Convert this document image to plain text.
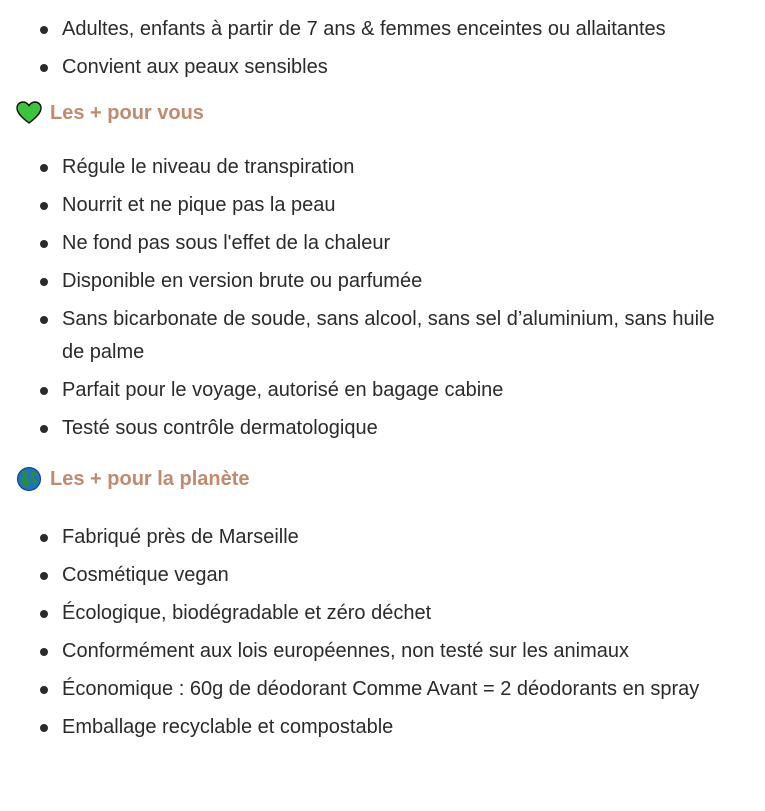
Adultes, enfants à partir de 7 ans & femmes enceintes ou allaitantes
Convient aux peaux sensibles
Les + pour vous
Régule le niveau de transpiration
Nourrit et ne pique pas la peau
Ne fond pas sous l'effet de la chaleur
Disponible en version brute ou parfumée
Sans bicarbonate de soude, sans alcool, sans sel d’aluminium, sans huile de palme
Parfait pour le voyage, autorisé en bagage cabine
Testé sous contrôle dermatologique
Les + pour la planète
Fabriqué près de Marseille
Cosmétique vegan
Écologique, biodégradable et zéro déchet
Conformément aux lois européennes, non testé sur les animaux
Économique : 60g de déodorant Comme Avant = 2 déodorants en spray
Emballage recyclable et compostable
